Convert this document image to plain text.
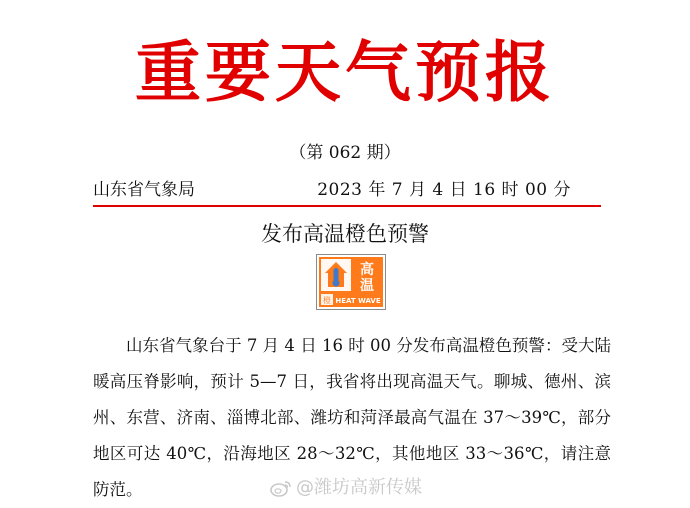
重要天气预报
（第 062 期）
山东省气象局	2023 年 7 月 4 日 16 时 00 分
发布高温橙色预警
高
温
橙 HEAT WAVE
山东省气象台于 7 月 4 日 16 时 00 分发布高温橙色预警：受大陆暖高压脊影响，预计 5—7 日，我省将出现高温天气。聊城、德州、滨州、东营、济南、淄博北部、潍坊和菏泽最高气温在 37～39℃，部分地区可达 40℃，沿海地区 28～32℃，其他地区 33～36℃，请注意防范。	@潍坊高新传媒
